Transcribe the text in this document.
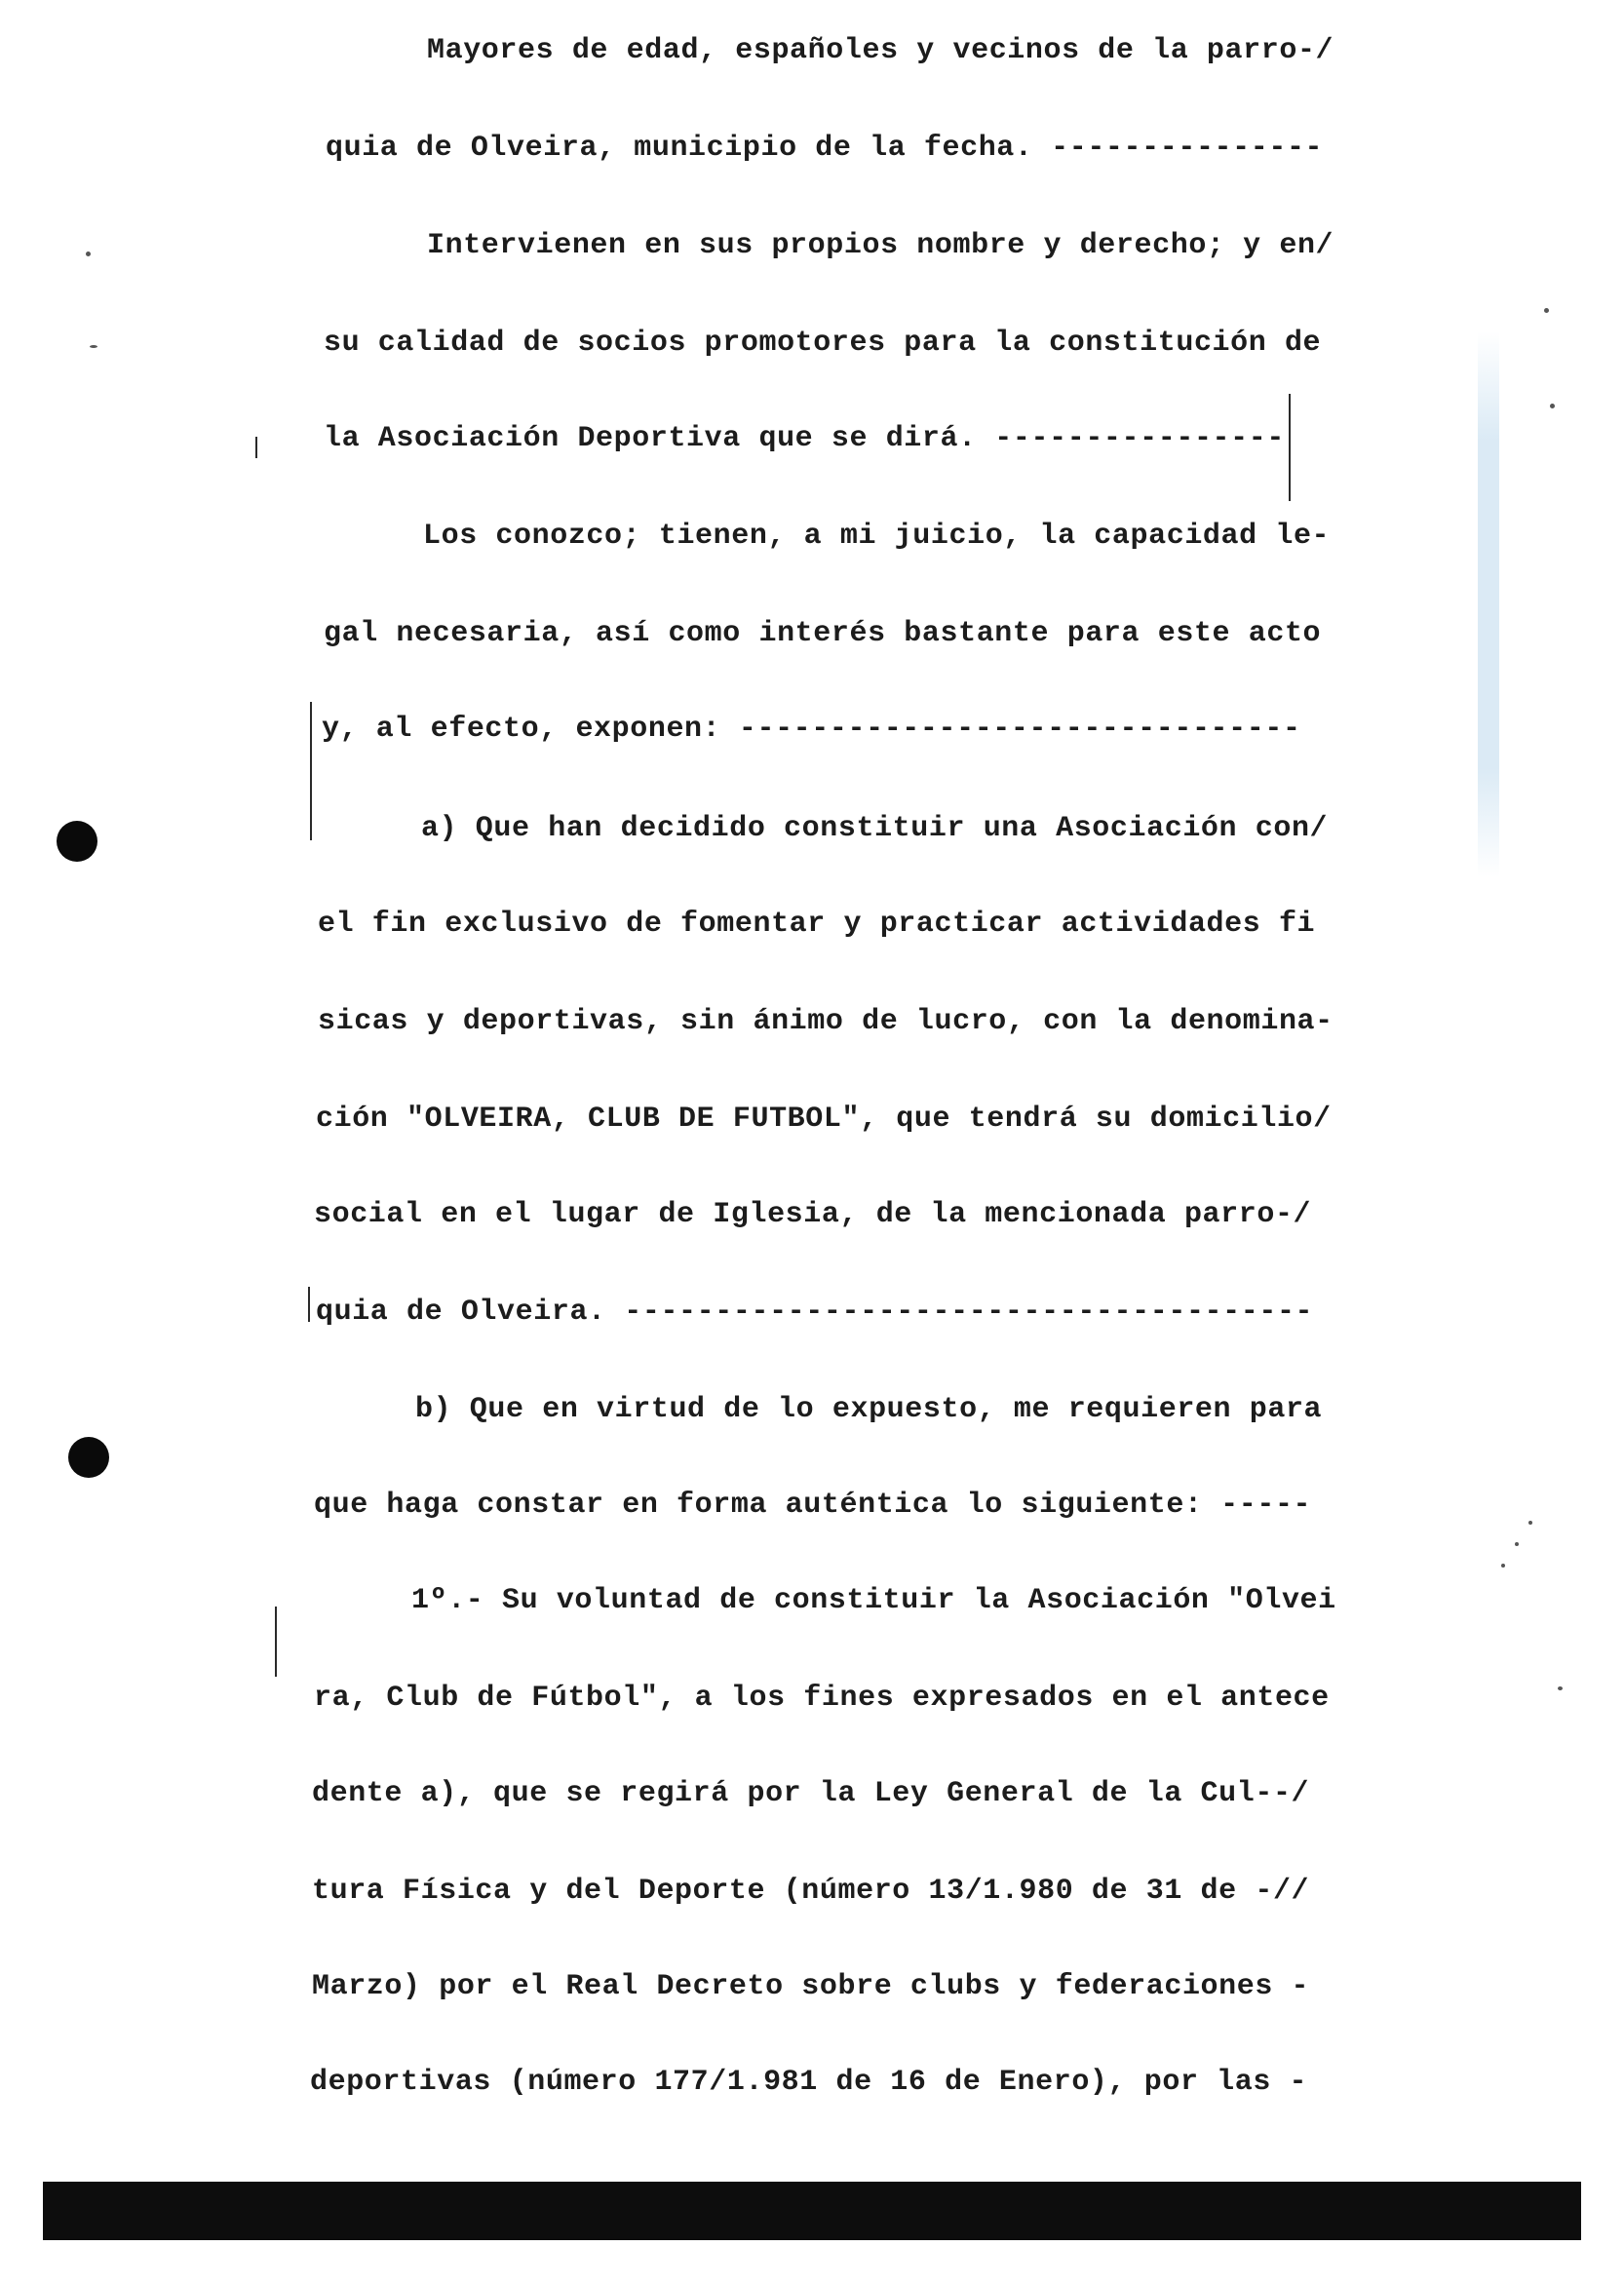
Mayores de edad, españoles y vecinos de la parro-/
quia de Olveira, municipio de la fecha. ---------------
Intervienen en sus propios nombre y derecho; y en/
su calidad de socios promotores para la constitución de
la Asociación Deportiva que se dirá. ----------------
Los conozco; tienen, a mi juicio, la capacidad le-
gal necesaria, así como interés bastante para este acto
y, al efecto, exponen: -------------------------------
a) Que han decidido constituir una Asociación con/
el fin exclusivo de fomentar y practicar actividades fi
sicas y deportivas, sin ánimo de lucro, con la denomina-
ción "OLVEIRA, CLUB DE FUTBOL", que tendrá su domicilio/
social en el lugar de Iglesia, de la mencionada parro-/
quia de Olveira. --------------------------------------
b) Que en virtud de lo expuesto, me requieren para
que haga constar en forma auténtica lo siguiente: -----
1º.- Su voluntad de constituir la Asociación "Olvei
ra, Club de Fútbol", a los fines expresados en el antece
dente a), que se regirá por la Ley General de la Cul--/
tura Física y del Deporte (número 13/1.980 de 31 de -//
Marzo) por el Real Decreto sobre clubs y federaciones -
deportivas (número 177/1.981 de 16 de Enero), por las -
